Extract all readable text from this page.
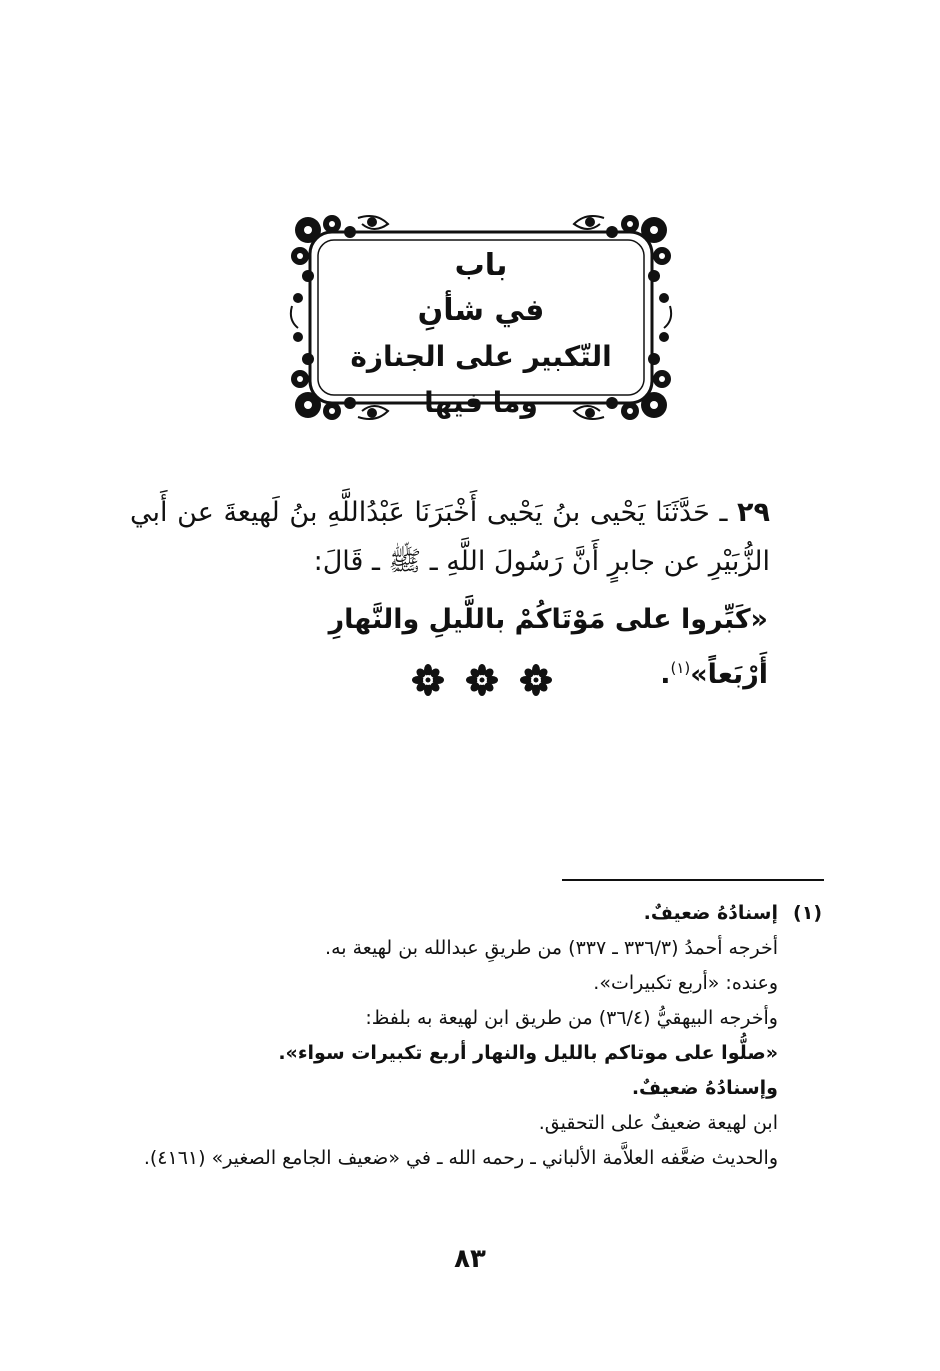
باب
في شأنِ
التّكبير على الجنازة وما فيها
٢٩ ـ حَدَّثَنَا يَحْيى بنُ يَحْيى أَخْبَرَنَا عَبْدُاللَّهِ بنُ لَهيعةَ عن أَبي الزُّبَيْرِ عن جابرٍ أَنَّ رَسُولَ اللَّهِ ـ ﷺ ـ قَالَ:
«كَبِّروا على مَوْتَاكُمْ باللَّيلِ والنَّهارِ أَرْبَعاً»$^{(١)}$.
(١)
إسنادُهُ ضعيفٌ.
أخرجه أحمدُ (٣٣٦/٣ ـ ٣٣٧) من طريقِ عبدالله بن لهيعة به.
وعنده: «أربع تكبيرات».
وأخرجه البيهقيُّ (٣٦/٤) من طريق ابن لهيعة به بلفظ:
«صلُّوا على موتاكم بالليل والنهار أربع تكبيرات سواء».
وإسنادُهُ ضعيفٌ.
ابن لهيعة ضعيفٌ على التحقيق.
والحديث ضعَّفه العلاَّمة الألباني ـ رحمه الله ـ في «ضعيف الجامع الصغير» (٤١٦١).
٨٣
